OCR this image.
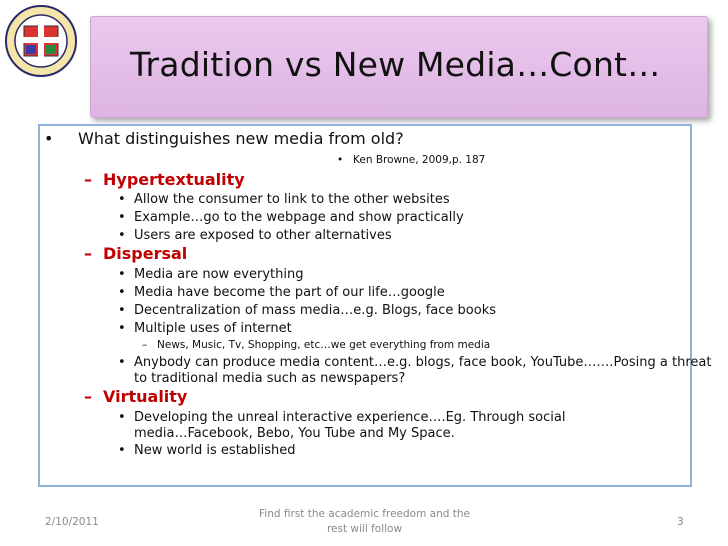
Tradition vs New Media…Cont…
• What distinguishes new media from old?
• Ken Browne, 2009,p. 187
– Hypertextuality
• Allow the consumer to link to the other websites
• Example…go to the webpage and show practically
• Users are exposed to other alternatives
– Dispersal
• Media are now everything
• Media have become the part of our life…google
• Decentralization of mass media…e.g. Blogs, face books
• Multiple uses of internet
– News, Music, Tv, Shopping, etc…we get everything from media
• Anybody can produce media content…e.g. blogs, face book, YouTube…….Posing a threat
to traditional media such as newspapers?
– Virtuality
• Developing the unreal interactive experience….Eg. Through social
media…Facebook, Bebo, You Tube and My Space.
• New world is established
2/10/2011
Find first the academic freedom and the
rest will follow
3
